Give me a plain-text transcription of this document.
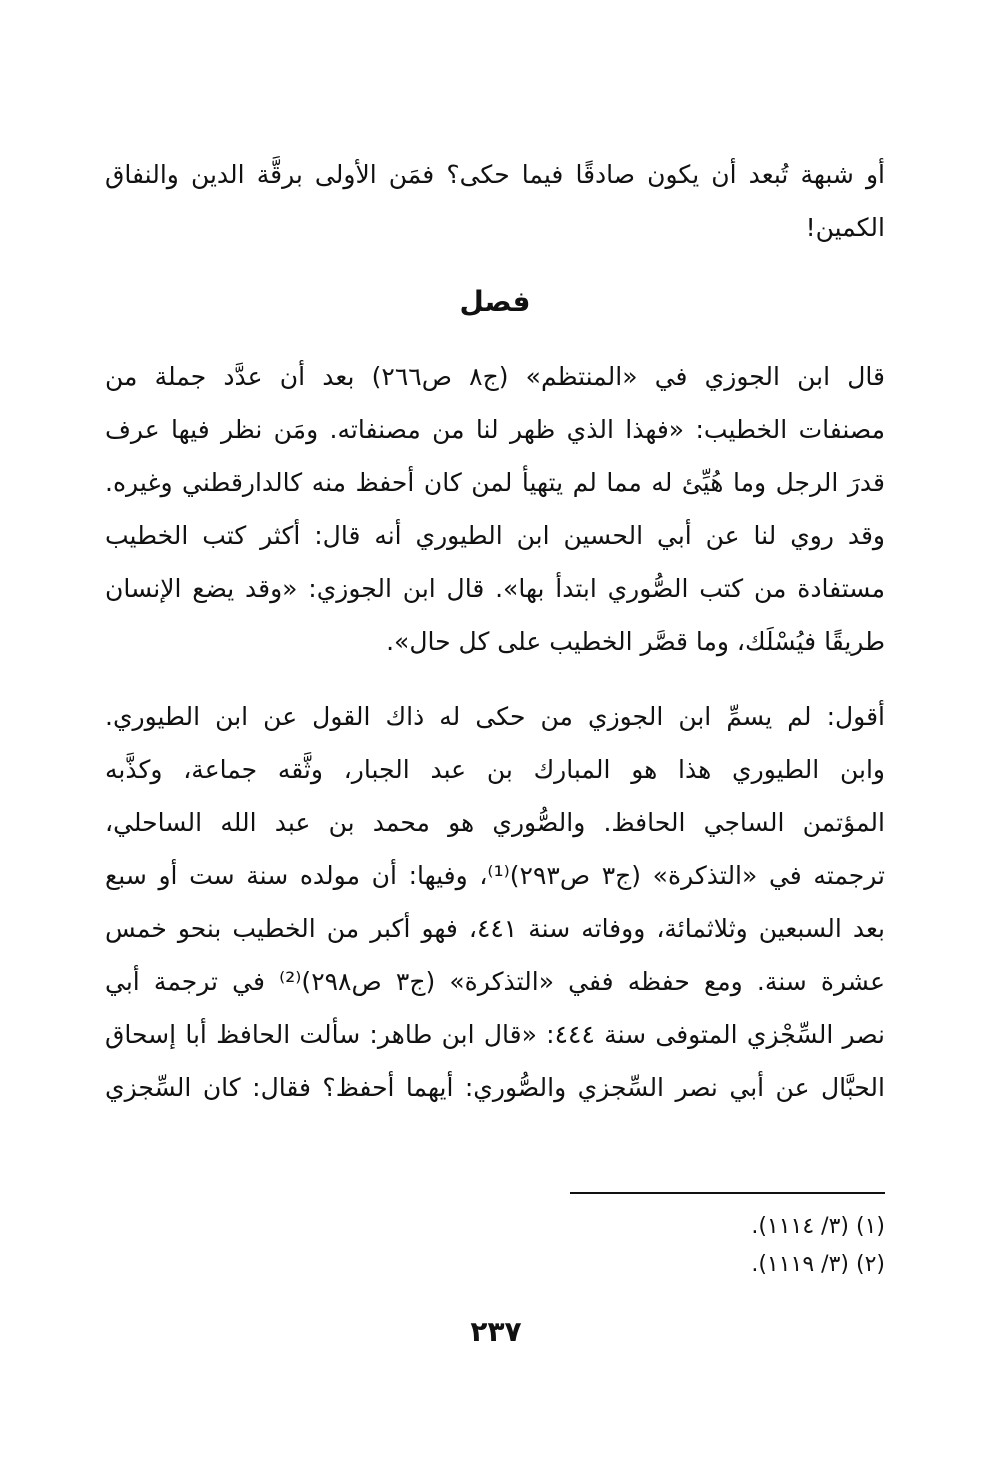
أو شبهة تُبعد أن يكون صادقًا فيما حكى؟ فمَن الأولى برقَّة الدين والنفاق
الكمين!
فصل
قال ابن الجوزي في «المنتظم» (ج٨ ص٢٦٦) بعد أن عدَّد جملة من
مصنفات الخطيب: «فهذا الذي ظهر لنا من مصنفاته. ومَن نظر فيها عرف
قدرَ الرجل وما هُيِّئ له مما لم يتهيأ لمن كان أحفظ منه كالدارقطني وغيره.
وقد روي لنا عن أبي الحسين ابن الطيوري أنه قال: أكثر كتب الخطيب
مستفادة من كتب الصُّوري ابتدأ بها». قال ابن الجوزي: «وقد يضع الإنسان
طريقًا فيُسْلَك، وما قصَّر الخطيب على كل حال».
أقول: لم يسمِّ ابن الجوزي من حكى له ذاك القول عن ابن الطيوري.
وابن الطيوري هذا هو المبارك بن عبد الجبار، وثَّقه جماعة، وكذَّبه
المؤتمن الساجي الحافظ. والصُّوري هو محمد بن عبد الله الساحلي،
ترجمته في «التذكرة» (ج٣ ص٢٩٣)⁽¹⁾، وفيها: أن مولده سنة ست أو سبع
بعد السبعين وثلاثمائة، ووفاته سنة ٤٤١، فهو أكبر من الخطيب بنحو خمس
عشرة سنة. ومع حفظه ففي «التذكرة» (ج٣ ص٢٩٨)⁽²⁾ في ترجمة أبي
نصر السِّجْزي المتوفى سنة ٤٤٤: «قال ابن طاهر: سألت الحافظ أبا إسحاق
الحبَّال عن أبي نصر السِّجزي والصُّوري: أيهما أحفظ؟ فقال: كان السِّجزي
(١) (٣/ ١١١٤).
(٢) (٣/ ١١١٩).
٢٣٧
